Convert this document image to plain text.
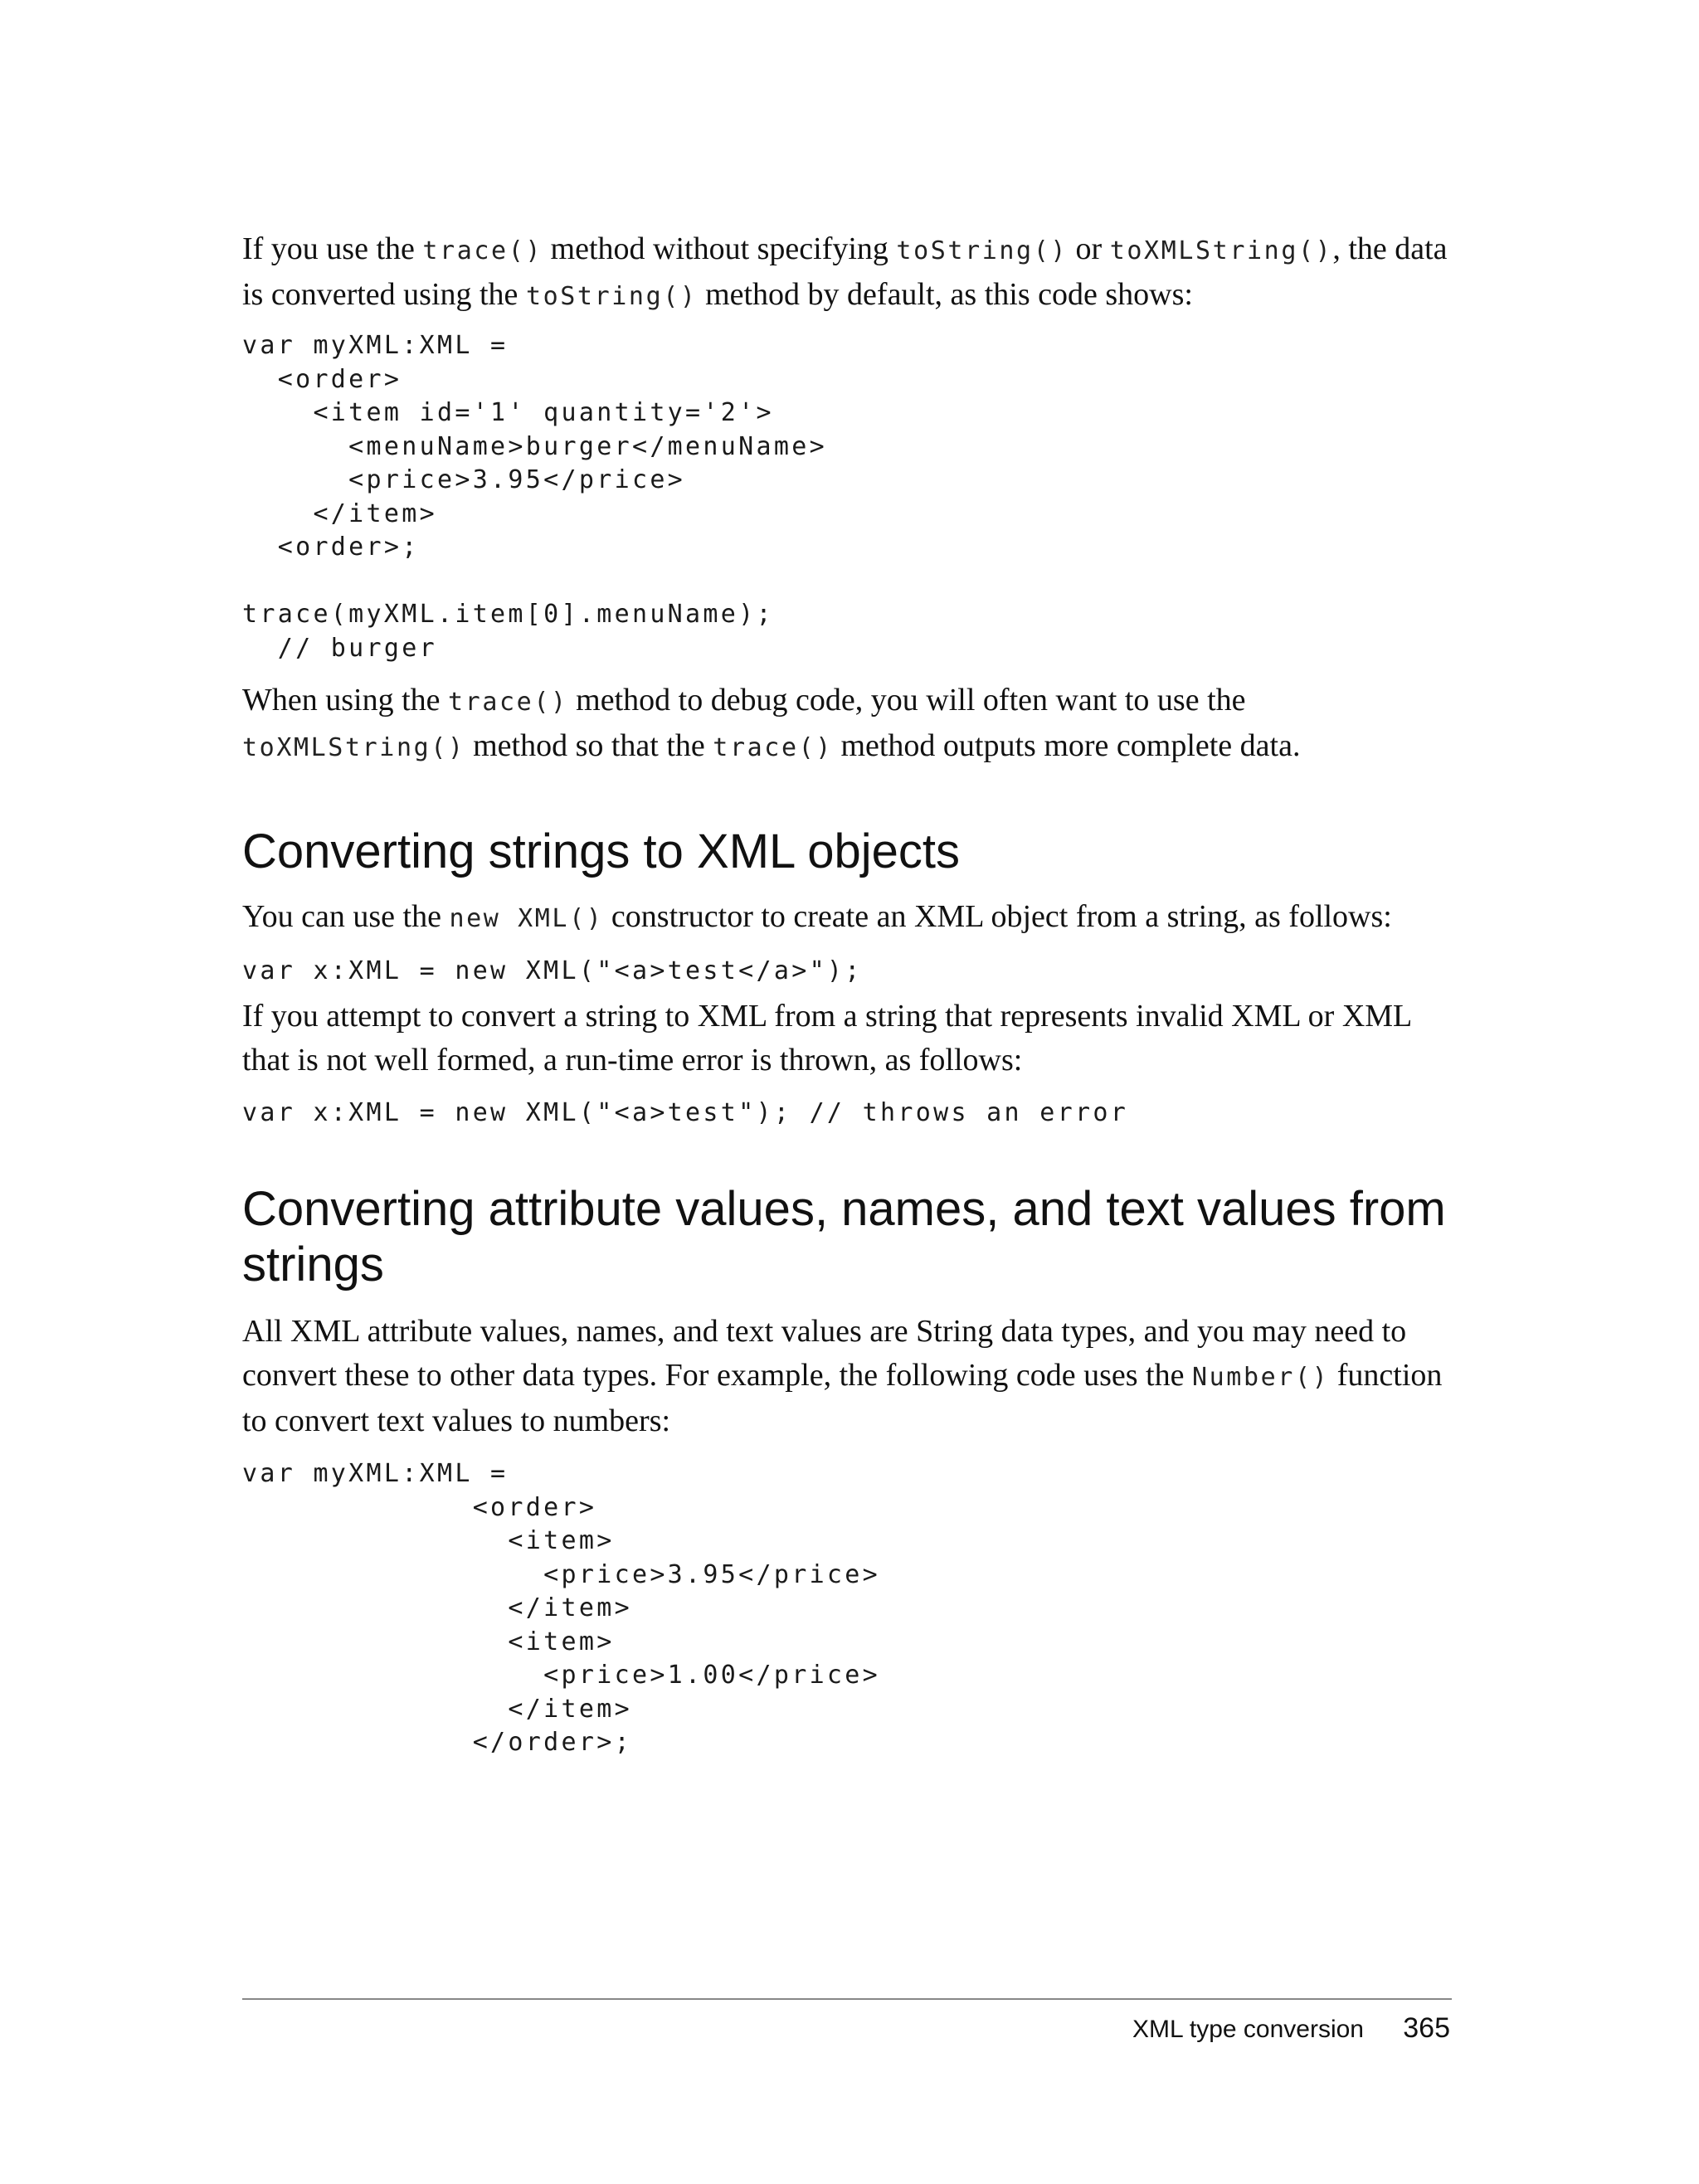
If you use the trace() method without specifying toString() or toXMLString(), the data is converted using the toString() method by default, as this code shows:

var myXML:XML =
<order>
<item id='1' quantity='2'>
<menuName>burger</menuName>
<price>3.95</price>
</item>
<order>;

trace(myXML.item[0].menuName);
// burger

When using the trace() method to debug code, you will often want to use the toXMLString() method so that the trace() method outputs more complete data.

Converting strings to XML objects

You can use the new XML() constructor to create an XML object from a string, as follows:

var x:XML = new XML("<a>test</a>");

If you attempt to convert a string to XML from a string that represents invalid XML or XML that is not well formed, a run-time error is thrown, as follows:

var x:XML = new XML("<a>test"); // throws an error
Converting attribute values, names, and text values from strings

All XML attribute values, names, and text values are String data types, and you may need to convert these to other data types. For example, the following code uses the Number() function to convert text values to numbers:

var myXML:XML =
<order>
<item>
<price>3.95</price>
</item>
<item>
<price>1.00</price>
</item>
</order>;
XML type conversion 365
